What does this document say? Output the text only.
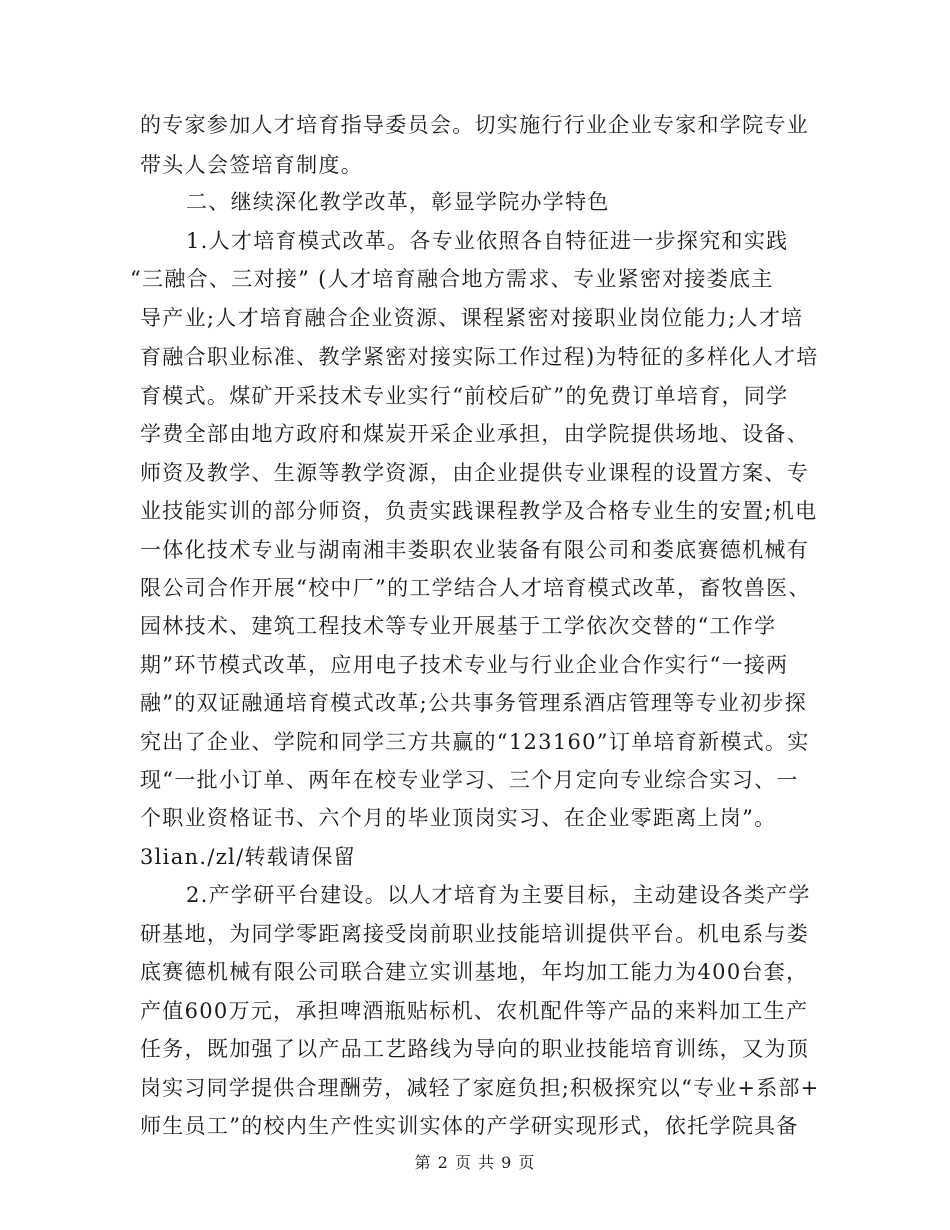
的专家参加人才培育指导委员会。切实施行行业企业专家和学院专业
带头人会签培育制度。
二、继续深化教学改革，彰显学院办学特色
1.人才培育模式改革。各专业依照各自特征进一步探究和实践
“三融合、三对接” (人才培育融合地方需求、专业紧密对接娄底主
导产业;人才培育融合企业资源、课程紧密对接职业岗位能力;人才培
育融合职业标准、教学紧密对接实际工作过程)为特征的多样化人才培
育模式。煤矿开采技术专业实行“前校后矿”的免费订单培育，同学
学费全部由地方政府和煤炭开采企业承担，由学院提供场地、设备、
师资及教学、生源等教学资源，由企业提供专业课程的设置方案、专
业技能实训的部分师资，负责实践课程教学及合格专业生的安置;机电
一体化技术专业与湖南湘丰娄职农业装备有限公司和娄底赛德机械有
限公司合作开展“校中厂”的工学结合人才培育模式改革，畜牧兽医、
园林技术、建筑工程技术等专业开展基于工学依次交替的“工作学
期”环节模式改革，应用电子技术专业与行业企业合作实行“一接两
融”的双证融通培育模式改革;公共事务管理系酒店管理等专业初步探
究出了企业、学院和同学三方共赢的“123160”订单培育新模式。实
现“一批小订单、两年在校专业学习、三个月定向专业综合实习、一
个职业资格证书、六个月的毕业顶岗实习、在企业零距离上岗”。
3lian./zl/转载请保留
2.产学研平台建设。以人才培育为主要目标，主动建设各类产学
研基地，为同学零距离接受岗前职业技能培训提供平台。机电系与娄
底赛德机械有限公司联合建立实训基地，年均加工能力为400台套，
产值600万元，承担啤酒瓶贴标机、农机配件等产品的来料加工生产
任务，既加强了以产品工艺路线为导向的职业技能培育训练，又为顶
岗实习同学提供合理酬劳，减轻了家庭负担;积极探究以“专业+系部+
师生员工”的校内生产性实训实体的产学研实现形式，依托学院具备
第 2 页 共 9 页
